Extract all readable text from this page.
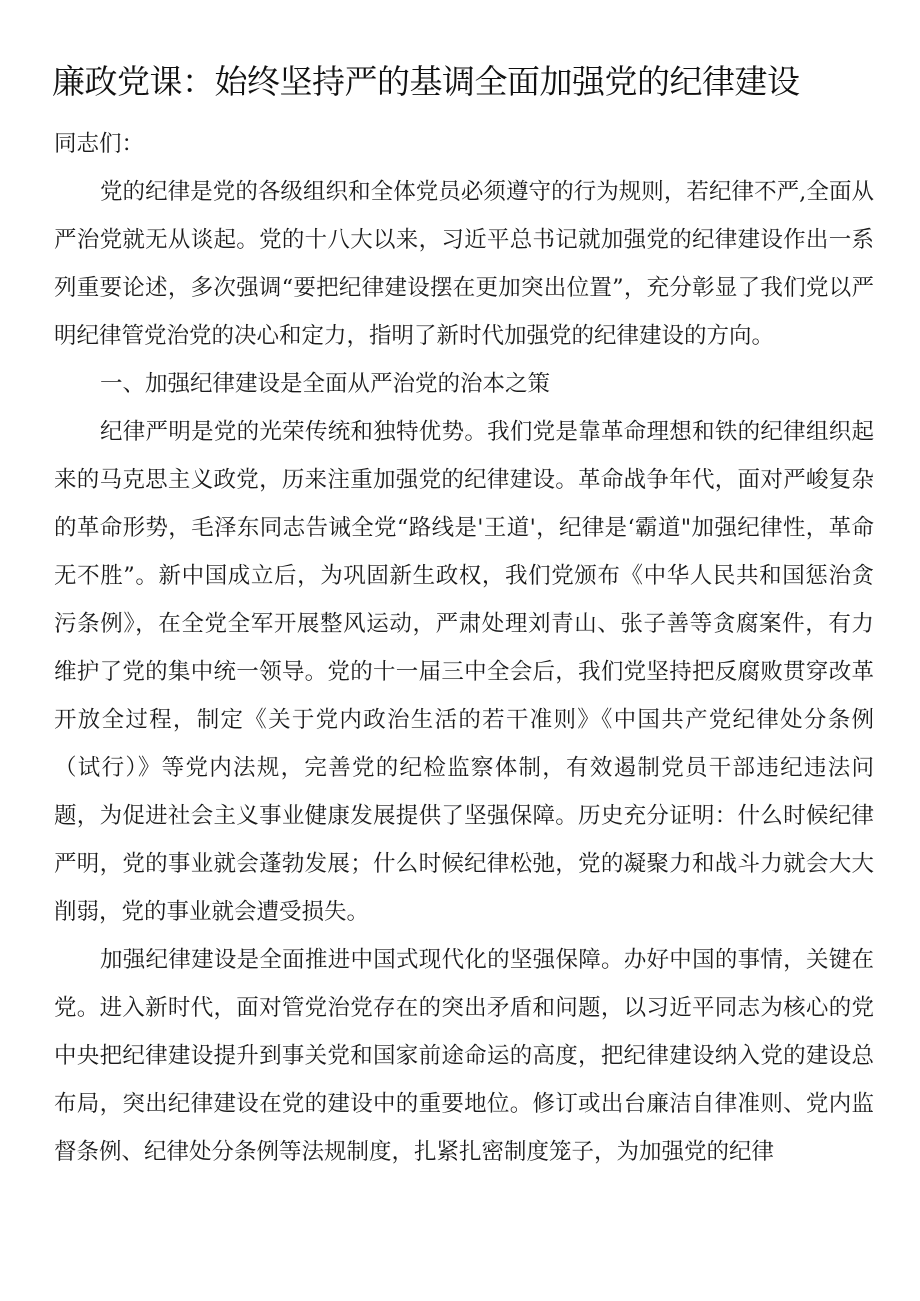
廉政党课：始终坚持严的基调全面加强党的纪律建设

同志们：

党的纪律是党的各级组织和全体党员必须遵守的行为规则，若纪律不严,全面从严治党就无从谈起。党的十八大以来，习近平总书记就加强党的纪律建设作出一系列重要论述，多次强调“要把纪律建设摆在更加突出位置”，充分彰显了我们党以严明纪律管党治党的决心和定力，指明了新时代加强党的纪律建设的方向。

一、加强纪律建设是全面从严治党的治本之策

纪律严明是党的光荣传统和独特优势。我们党是靠革命理想和铁的纪律组织起来的马克思主义政党，历来注重加强党的纪律建设。革命战争年代，面对严峻复杂的革命形势，毛泽东同志告诫全党“路线是'王道'，纪律是‘霸道"加强纪律性，革命无不胜”。新中国成立后，为巩固新生政权，我们党颁布《中华人民共和国惩治贪污条例》，在全党全军开展整风运动，严肃处理刘青山、张子善等贪腐案件，有力维护了党的集中统一领导。党的十一届三中全会后，我们党坚持把反腐败贯穿改革开放全过程，制定《关于党内政治生活的若干准则》《中国共产党纪律处分条例（试行）》等党内法规，完善党的纪检监察体制，有效遏制党员干部违纪违法问题，为促进社会主义事业健康发展提供了坚强保障。历史充分证明：什么时候纪律严明，党的事业就会蓬勃发展；什么时候纪律松弛，党的凝聚力和战斗力就会大大削弱，党的事业就会遭受损失。

加强纪律建设是全面推进中国式现代化的坚强保障。办好中国的事情，关键在党。进入新时代，面对管党治党存在的突出矛盾和问题，以习近平同志为核心的党中央把纪律建设提升到事关党和国家前途命运的高度，把纪律建设纳入党的建设总布局，突出纪律建设在党的建设中的重要地位。修订或出台廉洁自律准则、党内监督条例、纪律处分条例等法规制度，扎紧扎密制度笼子，为加强党的纪律
